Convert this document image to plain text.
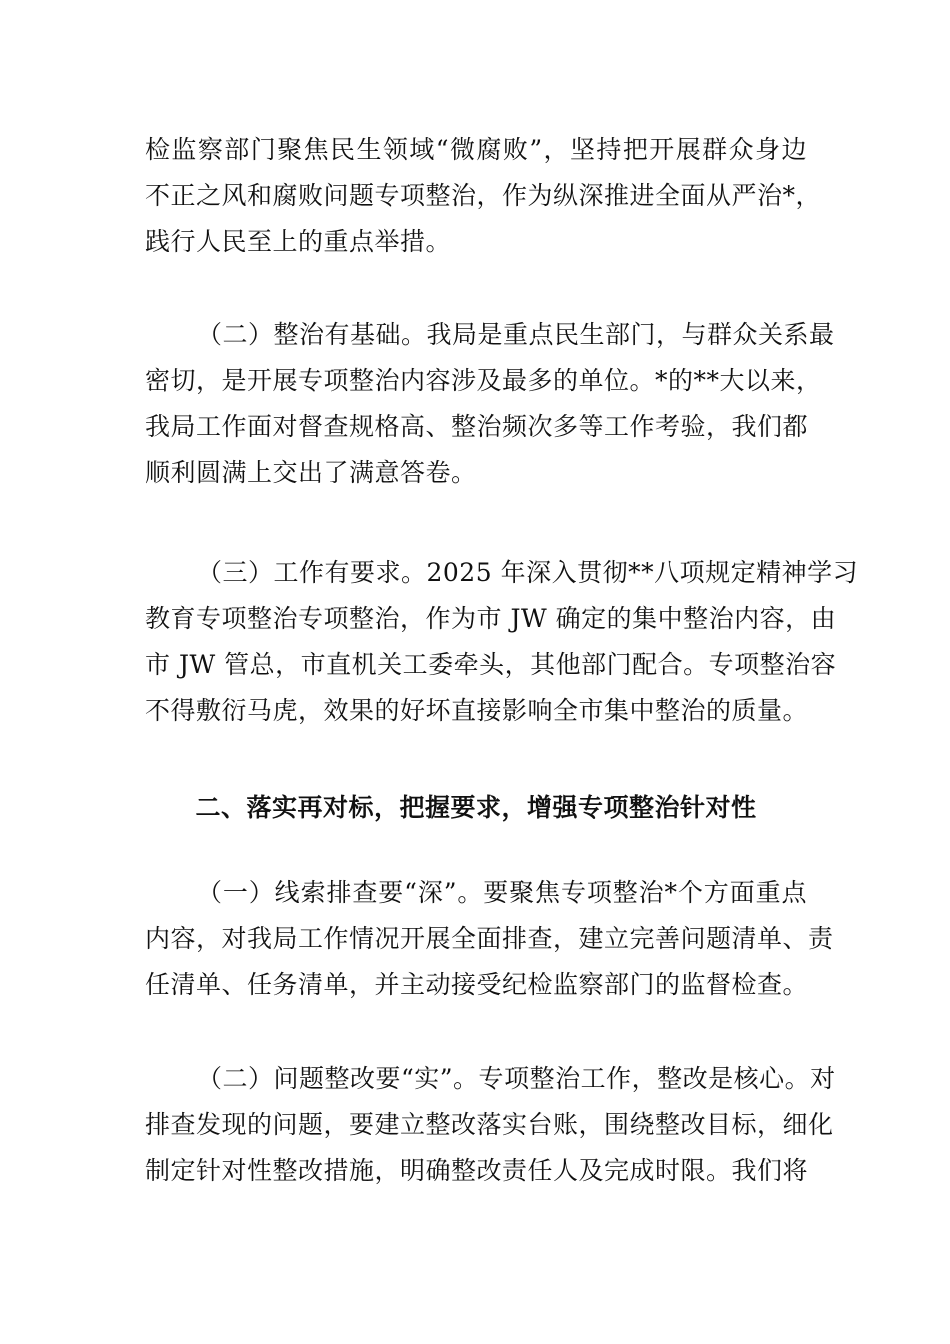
检监察部门聚焦民生领域“微腐败”，坚持把开展群众身边
不正之风和腐败问题专项整治，作为纵深推进全面从严治*，
践行人民至上的重点举措。
（二）整治有基础。我局是重点民生部门，与群众关系最
密切，是开展专项整治内容涉及最多的单位。*的**大以来，
我局工作面对督查规格高、整治频次多等工作考验，我们都
顺利圆满上交出了满意答卷。
（三）工作有要求。2025 年深入贯彻**八项规定精神学习
教育专项整治专项整治，作为市 JW 确定的集中整治内容，由
市 JW 管总，市直机关工委牵头，其他部门配合。专项整治容
不得敷衍马虎，效果的好坏直接影响全市集中整治的质量。
二、落实再对标，把握要求，增强专项整治针对性
（一）线索排查要“深”。要聚焦专项整治*个方面重点
内容，对我局工作情况开展全面排查，建立完善问题清单、责
任清单、任务清单，并主动接受纪检监察部门的监督检查。
（二）问题整改要“实”。专项整治工作，整改是核心。对
排查发现的问题，要建立整改落实台账，围绕整改目标，细化
制定针对性整改措施，明确整改责任人及完成时限。我们将
